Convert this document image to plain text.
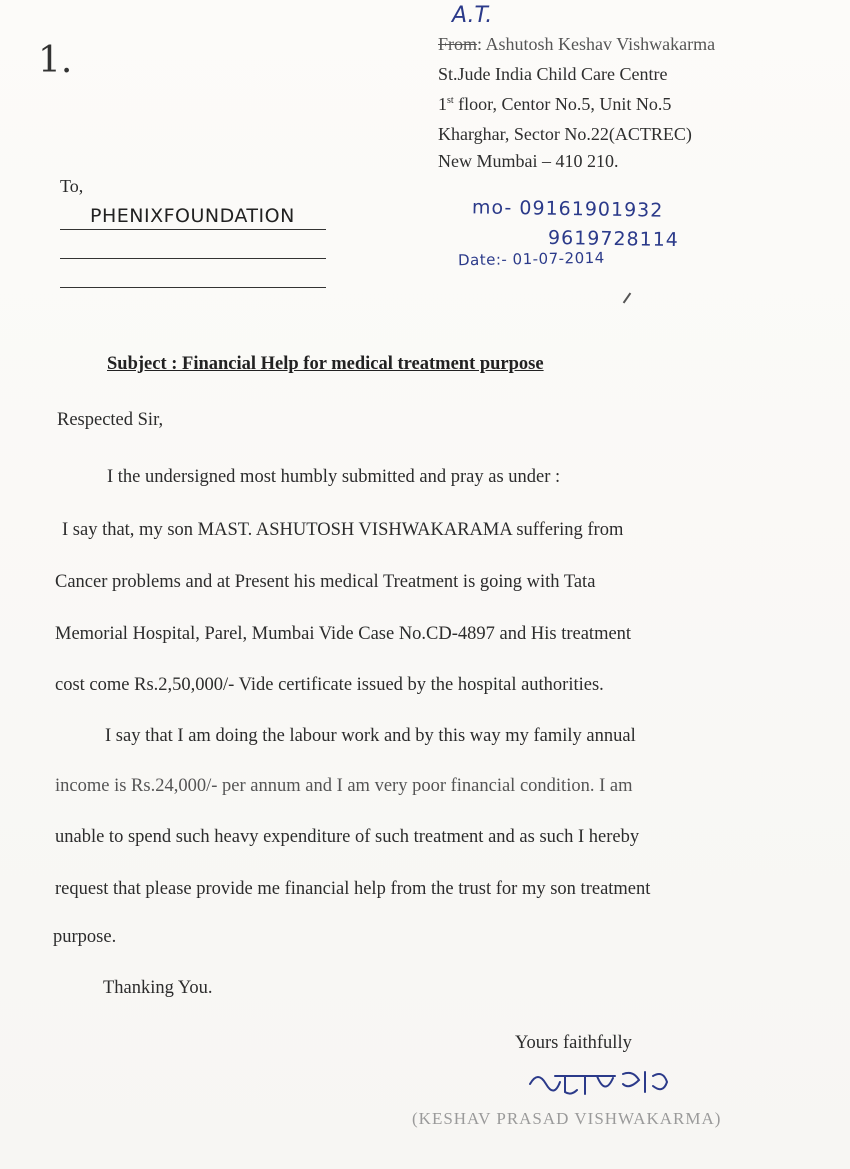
1.
A.T.
From: Ashutosh Keshav Vishwakarma
St.Jude India Child Care Centre
1st floor, Centor No.5, Unit No.5
Kharghar, Sector No.22(ACTREC)
New Mumbai – 410 210.
mo- 09161901932
9619728114
Date:- 01-07-2014
To,
PHENIXFOUNDATION
Subject : Financial Help for medical treatment purpose
Respected Sir,
I the undersigned most humbly submitted and pray as under :
I say that, my son MAST. ASHUTOSH VISHWAKARAMA suffering from
Cancer problems and at Present his medical Treatment is going with Tata
Memorial Hospital, Parel, Mumbai Vide Case No.CD-4897 and His treatment
cost come Rs.2,50,000/- Vide certificate issued by the hospital authorities.
I say that I am doing the labour work and by this way my family annual
income is Rs.24,000/- per annum and I am very poor financial condition. I am
unable to spend such heavy expenditure of such treatment and as such I hereby
request that please provide me financial help from the trust for my son treatment
purpose.
Thanking You.
Yours faithfully
(KESHAV PRASAD VISHWAKARMA)
